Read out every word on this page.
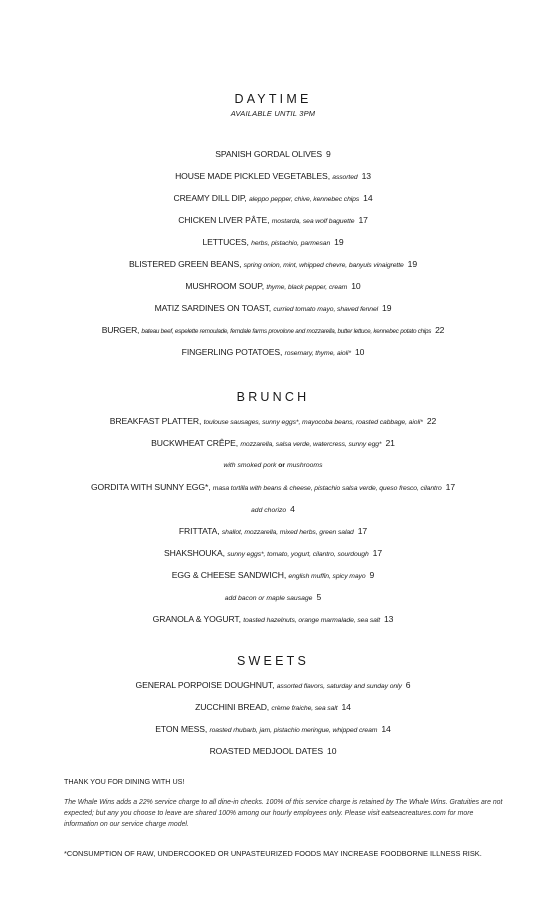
DAYTIME
AVAILABLE UNTIL 3PM
SPANISH GORDAL OLIVES 9
HOUSE MADE PICKLED VEGETABLES, assorted 13
CREAMY DILL DIP, aleppo pepper, chive, kennebec chips 14
CHICKEN LIVER PÂTE, mostarda, sea wolf baguette 17
LETTUCES, herbs, pistachio, parmesan 19
BLISTERED GREEN BEANS, spring onion, mint, whipped chevre, banyuls vinaigrette 19
MUSHROOM SOUP, thyme, black pepper, cream 10
MATIZ SARDINES ON TOAST, curried tomato mayo, shaved fennel 19
BURGER, bateau beef, espelette remoulade, ferndale farms provolone and mozzarella, butter lettuce, kennebec potato chips 22
FINGERLING POTATOES, rosemary, thyme, aioli* 10
BRUNCH
BREAKFAST PLATTER, toulouse sausages, sunny eggs*, mayocoba beans, roasted cabbage, aioli* 22
BUCKWHEAT CRÊPE, mozzarella, salsa verde, watercress, sunny egg* 21
with smoked pork or mushrooms
GORDITA WITH SUNNY EGG*, masa tortilla with beans & cheese, pistachio salsa verde, queso fresco, cilantro 17
add chorizo 4
FRITTATA, shallot, mozzarella, mixed herbs, green salad 17
SHAKSHOUKA, sunny eggs*, tomato, yogurt, cilantro, sourdough 17
EGG & CHEESE SANDWICH, english muffin, spicy mayo 9
add bacon or maple sausage 5
GRANOLA & YOGURT, toasted hazelnuts, orange marmalade, sea salt 13
SWEETS
GENERAL PORPOISE DOUGHNUT, assorted flavors, saturday and sunday only 6
ZUCCHINI BREAD, crème fraiche, sea salt 14
ETON MESS, roasted rhubarb, jam, pistachio meringue, whipped cream 14
ROASTED MEDJOOL DATES 10
THANK YOU FOR DINING WITH US!
The Whale Wins adds a 22% service charge to all dine-in checks. 100% of this service charge is retained by The Whale Wins. Gratuities are not expected; but any you choose to leave are shared 100% among our hourly employees only. Please visit eatseacreatures.com for more information on our service charge model.
*CONSUMPTION OF RAW, UNDERCOOKED OR UNPASTEURIZED FOODS MAY INCREASE FOODBORNE ILLNESS RISK.
